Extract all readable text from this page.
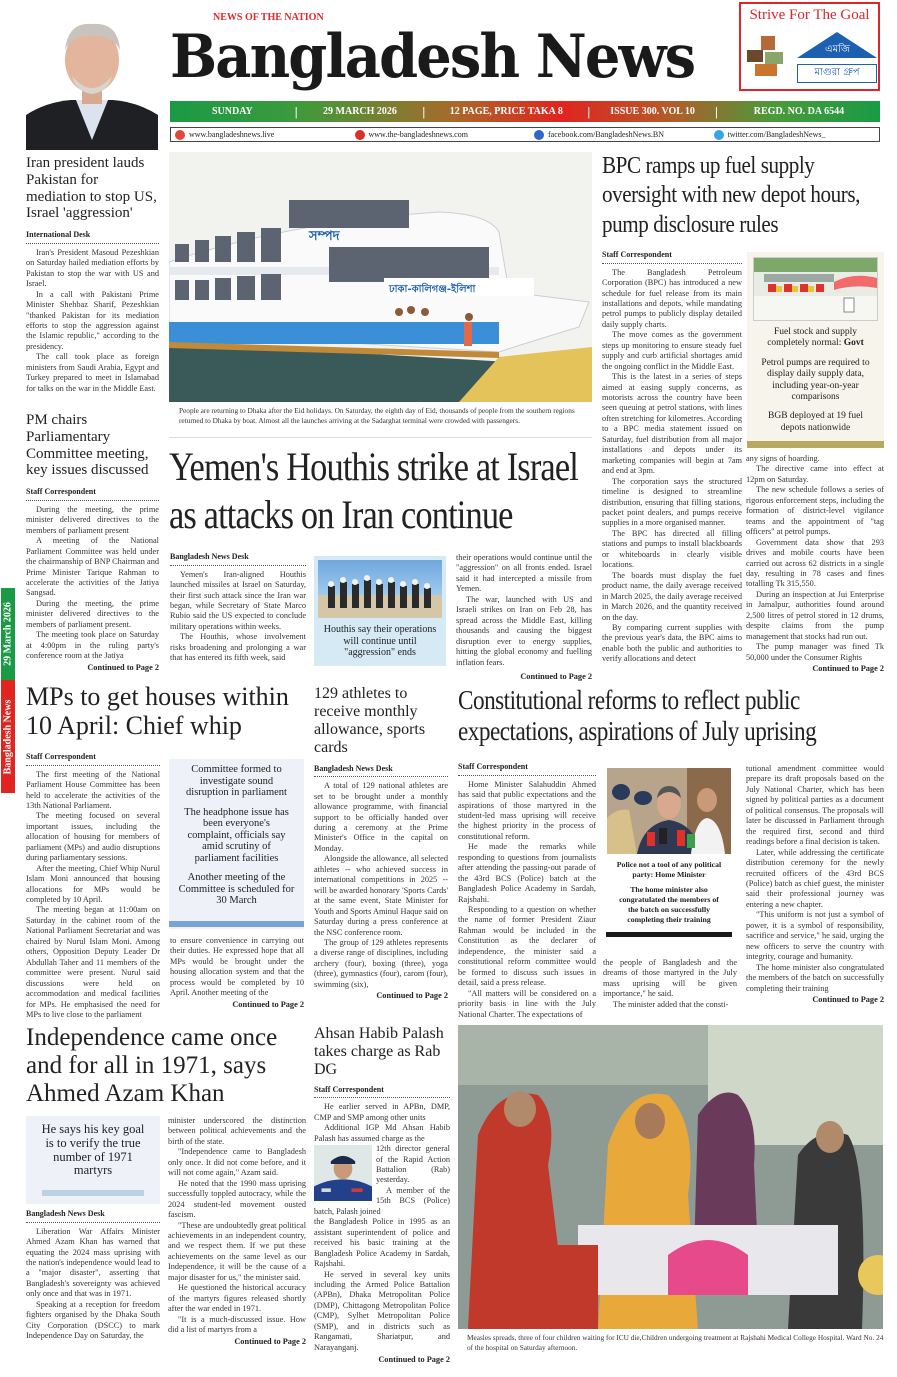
NEWS OF THE NATION
Bangladesh News
Strive For The Goal
এমজি
মাগুরা গ্রুপ
SUNDAY	|	29 MARCH 2026	|	12 PAGE, PRICE TAKA 8	|	ISSUE 300. VOL 10	|	REGD. NO. DA 6544
www.bangladeshnews.live	www.the-bangladeshnews.com	facebook.com/BangladeshNews.BN	twitter.com/BangladeshNews_
29 March 2026
Bangladesh News
Iran president lauds Pakistan for mediation to stop US, Israel 'aggression'
International Desk

Iran's President Masoud Pezeshkian on Saturday hailed mediation efforts by Pakistan to stop the war with US and Israel.

In a call with Pakistani Prime Minister Shehbaz Sharif, Pezeshkian "thanked Pakistan for its mediation efforts to stop the aggression against the Islamic republic," according to the presidency.

The call took place as foreign ministers from Saudi Arabia, Egypt and Turkey prepared to meet in Islamabad for talks on the war in the Middle East.

PM chairs Parliamentary Committee meeting, key issues discussed
Staff Correspondent

During the meeting, the prime minister delivered directives to the members of parliament present

A meeting of the National Parliament Committee was held under the chairmanship of BNP Chairman and Prime Minister Tarique Rahman to accelerate the activities of the Jatiya Sangsad.

During the meeting, the prime minister delivered directives to the members of parliament present.

The meeting took place on Saturday at 4:00pm in the ruling party's conference room at the Jatiya

Continued to Page 2
সম্পদ
ঢাকা-কালিগঞ্জ-ইলিশা
People are returning to Dhaka after the Eid holidays. On Saturday, the eighth day of Eid, thousands of people from the southern regions returned to Dhaka by boat. Almost all the launches arriving at the Sadarghat terminal were crowded with passengers.
Yemen's Houthis strike at Israel as attacks on Iran continue
Bangladesh News Desk

Yemen's Iran-aligned Houthis launched missiles at Israel on Saturday, their first such attack since the Iran war began, while Secretary of State Marco Rubio said the US expected to conclude military operations within weeks.

The Houthis, whose involvement risks broadening and prolonging a war that has entered its fifth week, said

Houthis say their operations will continue until "aggression" ends

their operations would continue until the "aggression" on all fronts ended. Israel said it had intercepted a missile from Yemen.

The war, launched with US and Israeli strikes on Iran on Feb 28, has spread across the Middle East, killing thousands and causing the biggest disruption ever to energy supplies, hitting the global economy and fuelling inflation fears.

Continued to Page 2
BPC ramps up fuel supply oversight with new depot hours, pump disclosure rules
Staff Correspondent

The Bangladesh Petroleum Corporation (BPC) has introduced a new schedule for fuel release from its main installations and depots, while mandating petrol pumps to publicly display detailed daily supply charts.

The move comes as the government steps up monitoring to ensure steady fuel supply and curb artificial shortages amid the ongoing conflict in the Middle East.

This is the latest in a series of steps aimed at easing supply concerns, as motorists across the country have been seen queuing at petrol stations, with lines often stretching for kilometres. According to a BPC media statement issued on Saturday, fuel distribution from all major installations and depots under its marketing companies will begin at 7am and end at 3pm.

The corporation says the structured timeline is designed to streamline distribution, ensuring that filling stations, packet point dealers, and pumps receive supplies in a more organised manner.

The BPC has directed all filling stations and pumps to install blackboards or whiteboards in clearly visible locations.

The boards must display the fuel product name, the daily average received in March 2025, the daily average received in March 2026, and the quantity received on the day.

By comparing current supplies with the previous year's data, the BPC aims to enable both the public and authorities to verify allocations and detect

Fuel stock and supply completely normal: Govt
Petrol pumps are required to display daily supply data, including year-on-year comparisons
BGB deployed at 19 fuel depots nationwide

any signs of hoarding.

The directive came into effect at 12pm on Saturday.

The new schedule follows a series of rigorous enforcement steps, including the formation of district-level vigilance teams and the appointment of "tag officers" at petrol pumps.

Government data show that 293 drives and mobile courts have been carried out across 62 districts in a single day, resulting in 78 cases and fines totalling Tk 315,550.

During an inspection at Jui Enterprise in Jamalpur, authorities found around 2,500 litres of petrol stored in 12 drums, despite claims from the pump management that stocks had run out.

The pump manager was fined Tk 50,000 under the Consumer Rights

Continued to Page 2
MPs to get houses within 10 April: Chief whip
Staff Correspondent

The first meeting of the National Parliament House Committee has been held to accelerate the activities of the 13th National Parliament.

The meeting focused on several important issues, including the allocation of housing for members of parliament (MPs) and audio disruptions during parliamentary sessions.

After the meeting, Chief Whip Nurul Islam Moni announced that housing allocations for MPs would be completed by 10 April.

The meeting began at 11:00am on Saturday in the cabinet room of the National Parliament Secretariat and was chaired by Nurul Islam Moni. Among others, Opposition Deputy Leader Dr Abdullah Taher and 11 members of the committee were present. Nurul said discussions were held on accommodation and medical facilities for MPs. He emphasised the need for MPs to live close to the parliament

Committee formed to investigate sound disruption in parliament
The headphone issue has been everyone's complaint, officials say amid scrutiny of parliament facilities
Another meeting of the Committee is scheduled for 30 March

to ensure convenience in carrying out their duties. He expressed hope that all MPs would be brought under the housing allocation system and that the process would be completed by 10 April. Another meeting of the

Continued to Page 2
129 athletes to receive monthly allowance, sports cards
Bangladesh News Desk

A total of 129 national athletes are set to be brought under a monthly allowance programme, with financial support to be officially handed over during a ceremony at the Prime Minister's Office in the capital on Monday.

Alongside the allowance, all selected athletes -- who achieved success in international competitions in 2025 -- will be awarded honorary 'Sports Cards' at the same event, State Minister for Youth and Sports Aminul Haque said on Saturday during a press conference at the NSC conference room.

The group of 129 athletes represents a diverse range of disciplines, including archery (four), boxing (three), yoga (three), gymnastics (four), carom (four), swimming (six),

Continued to Page 2
Constitutional reforms to reflect public expectations, aspirations of July uprising
Staff Correspondent

Home Minister Salahuddin Ahmed has said that public expectations and the aspirations of those martyred in the student-led mass uprising will receive the highest priority in the process of constitutional reform.

He made the remarks while responding to questions from journalists after attending the passing-out parade of the 43rd BCS (Police) batch at the Bangladesh Police Academy in Sardah, Rajshahi.

Responding to a question on whether the name of former President Ziaur Rahman would be included in the Constitution as the declarer of independence, the minister said a constitutional reform committee would be formed to discuss such issues in detail, said a press release.

"All matters will be considered on a priority basis in line with the July National Charter. The expectations of

Police not a tool of any political party: Home Minister
The home minister also congratulated the members of the batch on successfully completing their training

the people of Bangladesh and the dreams of those martyred in the July mass uprising will be given importance," he said.

The minister added that the consti-

tutional amendment committee would prepare its draft proposals based on the July National Charter, which has been signed by political parties as a document of political consensus. The proposals will later be discussed in Parliament through the required first, second and third readings before a final decision is taken.

Later, while addressing the certificate distribution ceremony for the newly recruited officers of the 43rd BCS (Police) batch as chief guest, the minister said their professional journey was entering a new chapter.

"This uniform is not just a symbol of power, it is a symbol of responsibility, sacrifice and service," he said, urging the new officers to serve the country with integrity, courage and humanity.

The home minister also congratulated the members of the batch on successfully completing their training

Continued to Page 2
Independence came once and for all in 1971, says Ahmed Azam Khan
He says his key goal is to verify the true number of 1971 martyrs
Bangladesh News Desk

Liberation War Affairs Minister Ahmed Azam Khan has warned that equating the 2024 mass uprising with the nation's independence would lead to a "major disaster", asserting that Bangladesh's sovereignty was achieved only once and that was in 1971.

Speaking at a reception for freedom fighters organised by the Dhaka South City Corporation (DSCC) to mark Independence Day on Saturday, the

minister underscored the distinction between political achievements and the birth of the state.

"Independence came to Bangladesh only once. It did not come before, and it will not come again," Azam said.

He noted that the 1990 mass uprising successfully toppled autocracy, while the 2024 student-led movement ousted fascism.

"These are undoubtedly great political achievements in an independent country, and we respect them. If we put these achievements on the same level as our Independence, it will be the cause of a major disaster for us," the minister said.

He questioned the historical accuracy of the martyrs figures released shortly after the war ended in 1971.

"It is a much-discussed issue. How did a list of martyrs from a

Continued to Page 2
Ahsan Habib Palash takes charge as Rab DG
Staff Correspondent

He earlier served in APBn, DMP, CMP and SMP among other units

Additional IGP Md Ahsan Habib Palash has assumed charge as the

12th director general of the Rapid Action Battalion (Rab) yesterday.

A member of the 15th BCS (Police) batch, Palash joined

the Bangladesh Police in 1995 as an assistant superintendent of police and received his basic training at the Bangladesh Police Academy in Sardah, Rajshahi.

He served in several key units including the Armed Police Battalion (APBn), Dhaka Metropolitan Police (DMP), Chittagong Metropolitan Police (CMP), Sylhet Metropolitan Police (SMP), and in districts such as Rangamati, Shariatpur, and Narayanganj.

Continued to Page 2
Measles spreads, three of four children waiting for ICU die,Children undergoing treatment at Rajshahi Medical College Hospital. Ward No. 24 of the hospital on Saturday afternoon.
